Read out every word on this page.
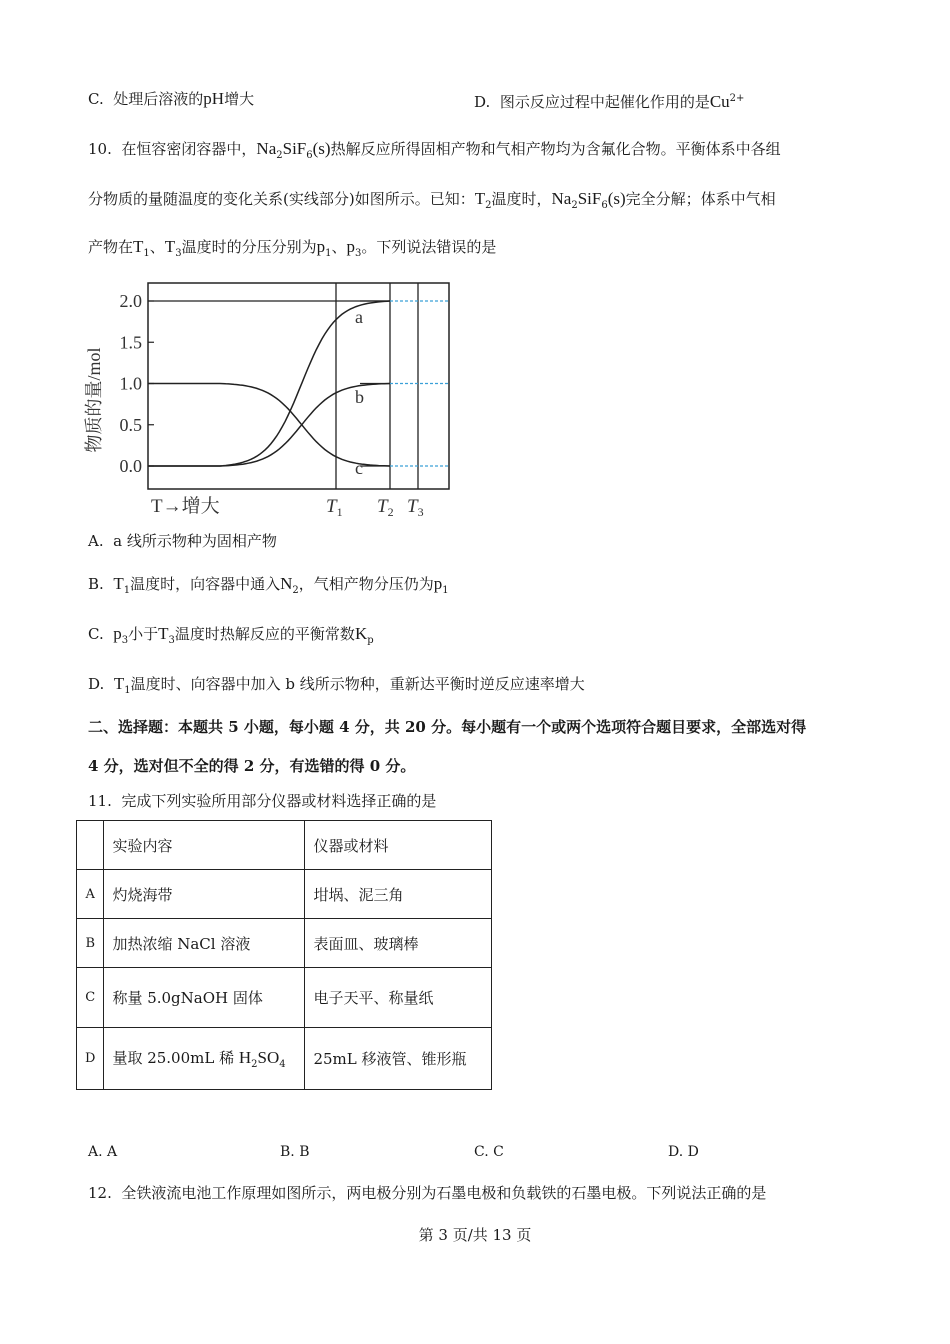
C. 处理后溶液的pH增大	D. 图示反应过程中起催化作用的是$Cu^{2+}$
10. 在恒容密闭容器中，$Na_2SiF_6(s)$热解反应所得固相产物和气相产物均为含氟化合物。平衡体系中各组
分物质的量随温度的变化关系(实线部分)如图所示。已知：$T_2$温度时，$Na_2SiF_6(s)$完全分解；体系中气相
产物在$T_1$、$T_3$温度时的分压分别为$p_1$、$p_3$。下列说法错误的是
2.0
1.5
1.0
0.5
0.0
a
b
c
物质的量/mol
T→增大	$T_1$ $T_2$ $T_3$
A. a 线所示物种为固相产物
B. $T_1$温度时，向容器中通入$N_2$，气相产物分压仍为$p_1$
C. $p_3$小于$T_3$温度时热解反应的平衡常数$K_p$
D. $T_1$温度时、向容器中加入 b 线所示物种，重新达平衡时逆反应速率增大
二、选择题：本题共 5 小题，每小题 4 分，共 20 分。每小题有一个或两个选项符合题目要求，全部选对得
4 分，选对但不全的得 2 分，有选错的得 0 分。
11. 完成下列实验所用部分仪器或材料选择正确的是
	实验内容	仪器或材料
A	灼烧海带	坩埚、泥三角
B	加热浓缩 NaCl 溶液	表面皿、玻璃棒
C	称量 5.0gNaOH 固体	电子天平、称量纸
D	量取 25.00mL 稀 $H_2SO_4$	25mL 移液管、锥形瓶
A. A	B. B	C. C	D. D
12. 全铁液流电池工作原理如图所示，两电极分别为石墨电极和负载铁的石墨电极。下列说法正确的是
第 3 页/共 13 页
